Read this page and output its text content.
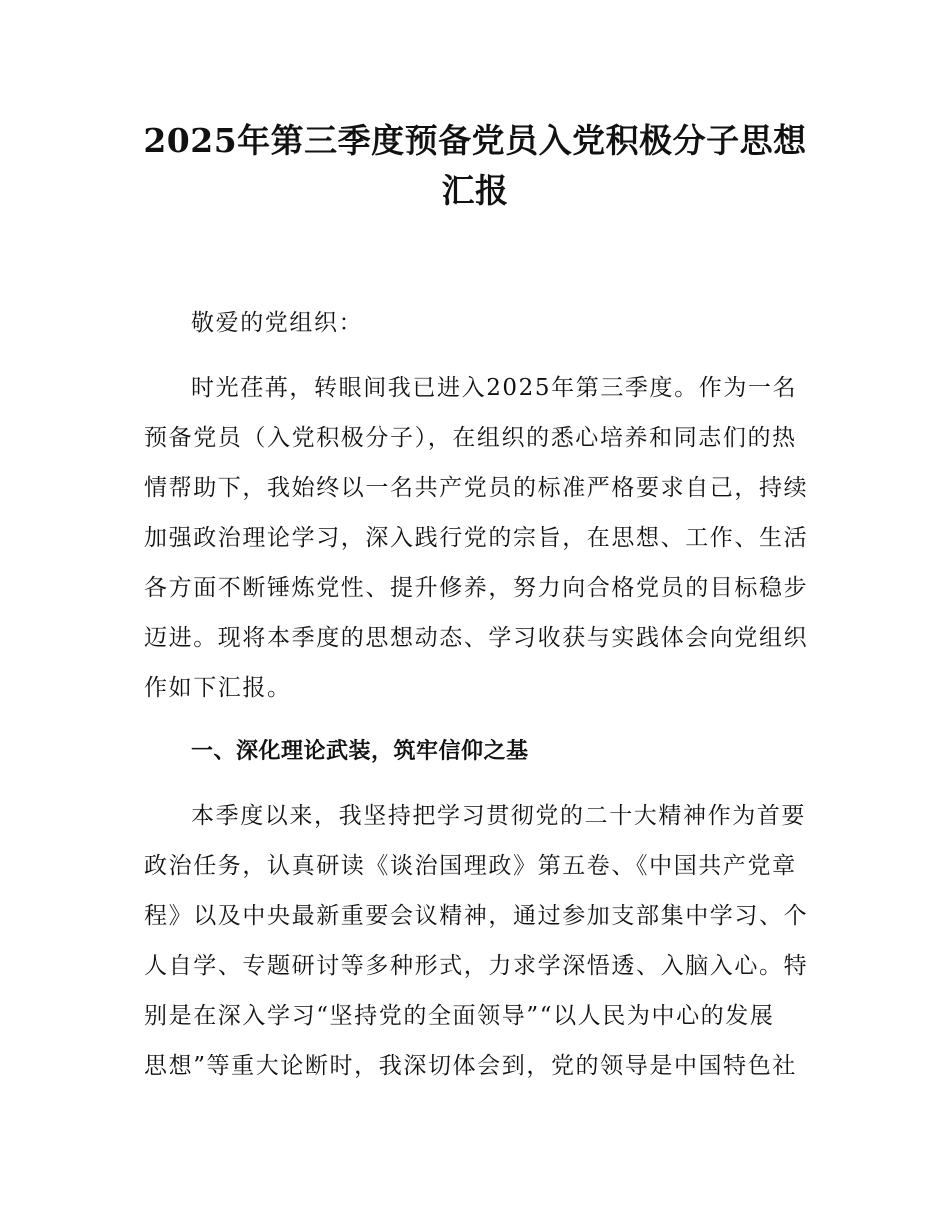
2025年第三季度预备党员入党积极分子思想
汇报

敬爱的党组织：

时光荏苒，转眼间我已进入2025年第三季度。作为一名

预备党员（入党积极分子），在组织的悉心培养和同志们的热

情帮助下，我始终以一名共产党员的标准严格要求自己，持续

加强政治理论学习，深入践行党的宗旨，在思想、工作、生活

各方面不断锤炼党性、提升修养，努力向合格党员的目标稳步

迈进。现将本季度的思想动态、学习收获与实践体会向党组织

作如下汇报。

一、深化理论武装，筑牢信仰之基

本季度以来，我坚持把学习贯彻党的二十大精神作为首要

政治任务，认真研读《谈治国理政》第五卷、《中国共产党章

程》以及中央最新重要会议精神，通过参加支部集中学习、个

人自学、专题研讨等多种形式，力求学深悟透、入脑入心。特

别是在深入学习“坚持党的全面领导”“以人民为中心的发展

思想”等重大论断时，我深切体会到，党的领导是中国特色社
